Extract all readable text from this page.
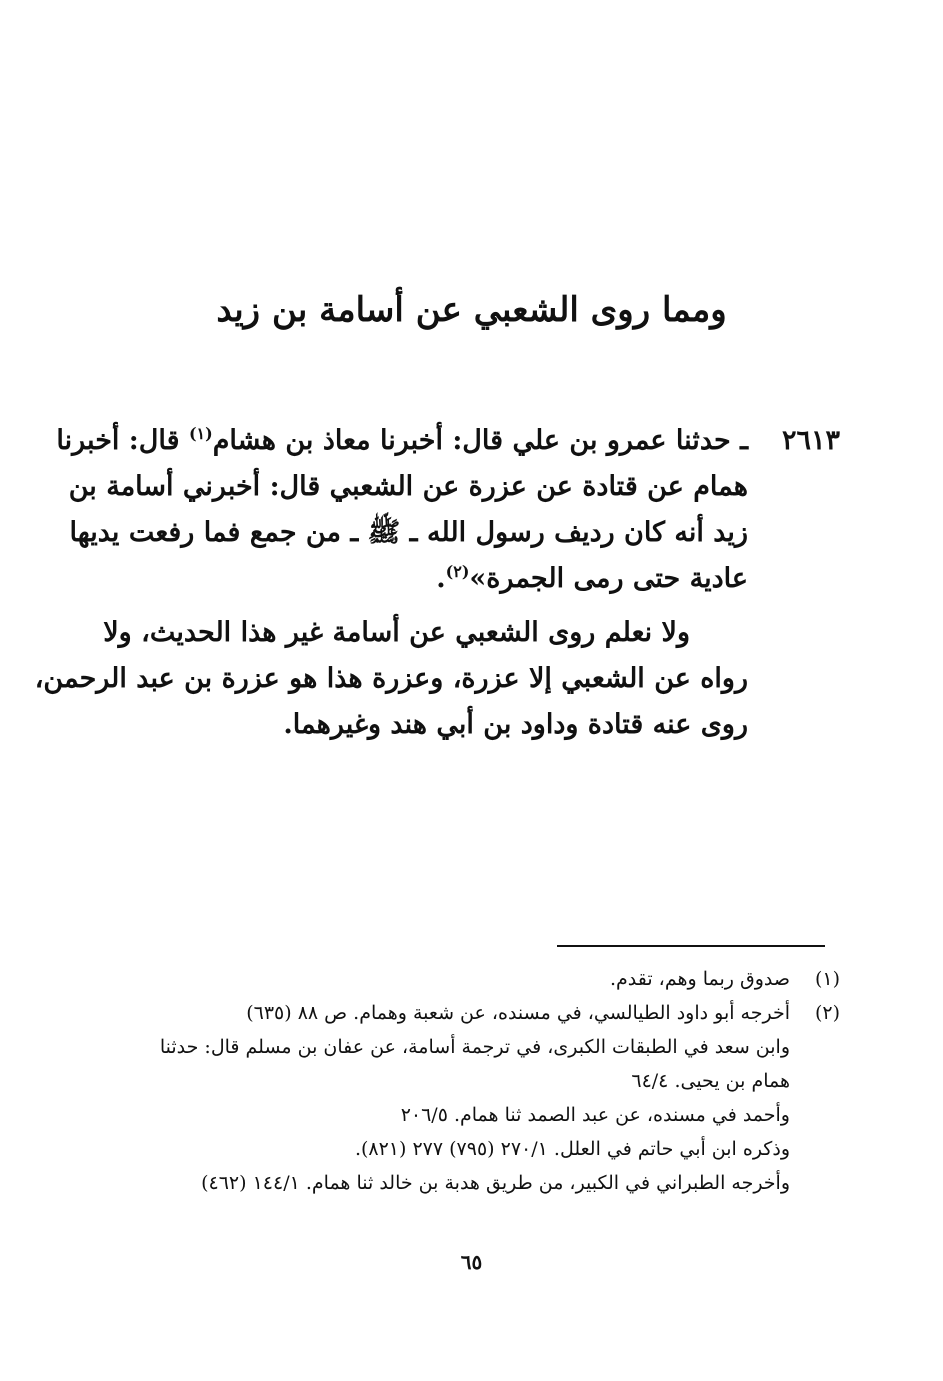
ومما روى الشعبي عن أسامة بن زيد
٢٦١٣
ـ حدثنا عمرو بن علي قال: أخبرنا معاذ بن هشام$^{(١)}$ قال: أخبرنا
همام عن قتادة عن عزرة عن الشعبي قال: أخبرني أسامة بن
زيد أنه كان رديف رسول الله ـ ﷺ ـ من جمع فما رفعت يديها
عادية حتى رمى الجمرة»$^{(٢)}$.
ولا نعلم روى الشعبي عن أسامة غير هذا الحديث، ولا
رواه عن الشعبي إلا عزرة، وعزرة هذا هو عزرة بن عبد الرحمن،
روى عنه قتادة وداود بن أبي هند وغيرهما.
(١)
صدوق ربما وهم، تقدم.
(٢)
أخرجه أبو داود الطيالسي، في مسنده، عن شعبة وهمام. ص ٨٨ (٦٣٥)
وابن سعد في الطبقات الكبرى، في ترجمة أسامة، عن عفان بن مسلم قال: حدثنا
همام بن يحيى. ٦٤/٤
وأحمد في مسنده، عن عبد الصمد ثنا همام. ٢٠٦/٥
وذكره ابن أبي حاتم في العلل. ٢٧٠/١ (٧٩٥) ٢٧٧ (٨٢١).
وأخرجه الطبراني في الكبير، من طريق هدبة بن خالد ثنا همام. ١٤٤/١ (٤٦٢)
٦٥
